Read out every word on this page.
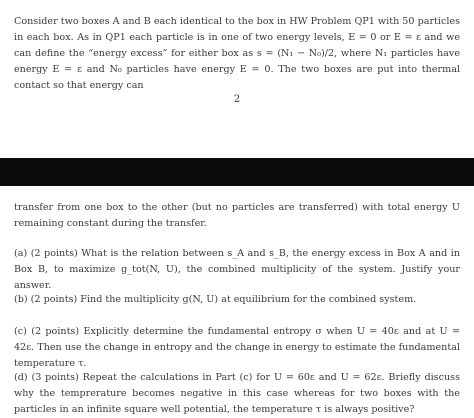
Consider two boxes A and B each identical to the box in HW Problem QP1 with 50 particles in each box. As in QP1 each particle is in one of two energy levels, E = 0 or E = ε and we can define the “energy excess” for either box as s = (N₁ − N₀)/2, where N₁ particles have energy E = ε and N₀ particles have energy E = 0. The two boxes are put into thermal contact so that energy can

2

transfer from one box to the other (but no particles are transferred) with total energy U remaining constant during the transfer.

(a) (2 points) What is the relation between s_A and s_B, the energy excess in Box A and in Box B, to maximize g_tot(N, U), the combined multiplicity of the system. Justify your answer.

(b) (2 points) Find the multiplicity g(N, U) at equilibrium for the combined system.

(c) (2 points) Explicitly determine the fundamental entropy σ when U = 40ε and at U = 42ε. Then use the change in entropy and the change in energy to estimate the fundamental temperature τ.

(d) (3 points) Repeat the calculations in Part (c) for U = 60ε and U = 62ε. Briefly discuss why the temprerature becomes negative in this case whereas for two boxes with the particles in an infinite square well potential, the temperature τ is always positive?
